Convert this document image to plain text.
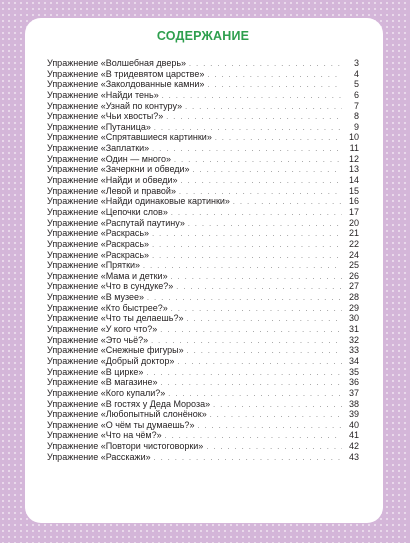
СОДЕРЖАНИЕ
Упражнение «Волшебная дверь» . . .	3
Упражнение «В тридевятом царстве» . . .	4
Упражнение «Заколдованные камни» . . .	5
Упражнение «Найди тень» . . .	6
Упражнение «Узнай по контуру» . . .	7
Упражнение «Чьи хвосты?» . . .	8
Упражнение «Путаница» . . .	9
Упражнение «Спрятавшиеся картинки» . . .	10
Упражнение «Заплатки» . . .	11
Упражнение «Один — много» . . .	12
Упражнение «Зачеркни и обведи» . . .	13
Упражнение «Найди и обведи» . . .	14
Упражнение «Левой и правой» . . .	15
Упражнение «Найди одинаковые картинки» . . .	16
Упражнение «Цепочки слов» . . .	17
Упражнение «Распутай паутину» . . .	20
Упражнение «Раскрась» . . .	21
Упражнение «Раскрась» . . .	22
Упражнение «Раскрась» . . .	24
Упражнение «Прятки» . . .	25
Упражнение «Мама и детки» . . .	26
Упражнение «Что в сундуке?» . . .	27
Упражнение «В музее» . . .	28
Упражнение «Кто быстрее?» . . .	29
Упражнение «Что ты делаешь?» . . .	30
Упражнение «У кого что?» . . .	31
Упражнение «Это чьё?» . . .	32
Упражнение «Снежные фигуры» . . .	33
Упражнение «Добрый доктор» . . .	34
Упражнение «В цирке» . . .	35
Упражнение «В магазине» . . .	36
Упражнение «Кого купали?» . . .	37
Упражнение «В гостях у Деда Мороза» . . .	38
Упражнение «Любопытный слонёнок» . . .	39
Упражнение «О чём ты думаешь?» . . .	40
Упражнение «Что на чём?» . . .	41
Упражнение «Повтори чистоговорки» . . .	42
Упражнение «Расскажи» . . .	43
